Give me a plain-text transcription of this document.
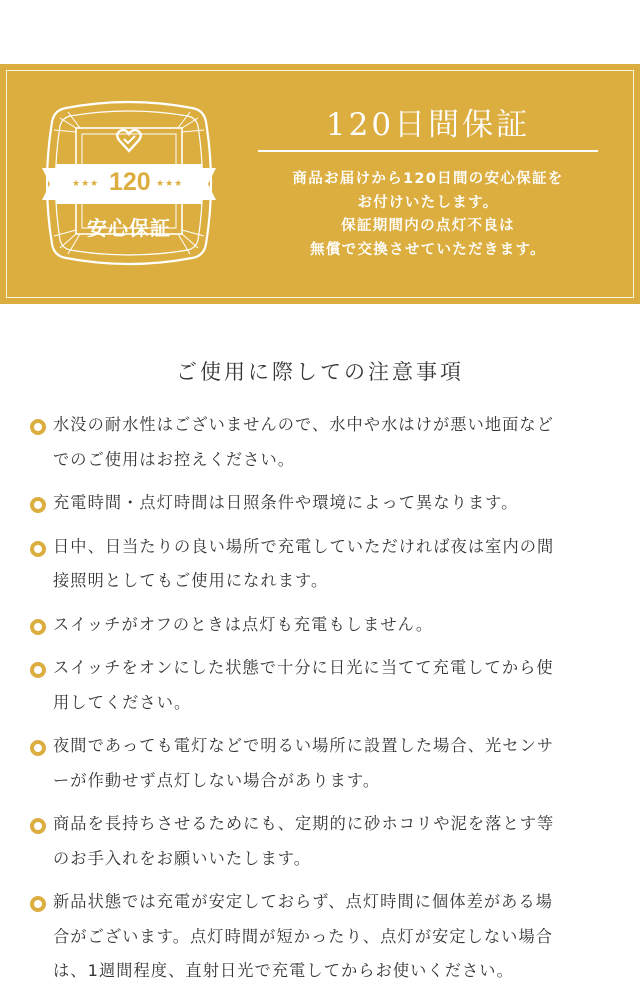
★★★ 120 ★★★
安心保証
120日間保証
商品お届けから120日間の安心保証を
お付けいたします。
保証期間内の点灯不良は
無償で交換させていただきます。
ご使用に際しての注意事項
水没の耐水性はございませんので、水中や水はけが悪い地面など
でのご使用はお控えください。
充電時間・点灯時間は日照条件や環境によって異なります。
日中、日当たりの良い場所で充電していただければ夜は室内の間
接照明としてもご使用になれます。
スイッチがオフのときは点灯も充電もしません。
スイッチをオンにした状態で十分に日光に当てて充電してから使
用してください。
夜間であっても電灯などで明るい場所に設置した場合、光センサ
ーが作動せず点灯しない場合があります。
商品を長持ちさせるためにも、定期的に砂ホコリや泥を落とす等
のお手入れをお願いいたします。
新品状態では充電が安定しておらず、点灯時間に個体差がある場
合がございます。点灯時間が短かったり、点灯が安定しない場合
は、1週間程度、直射日光で充電してからお使いください。
